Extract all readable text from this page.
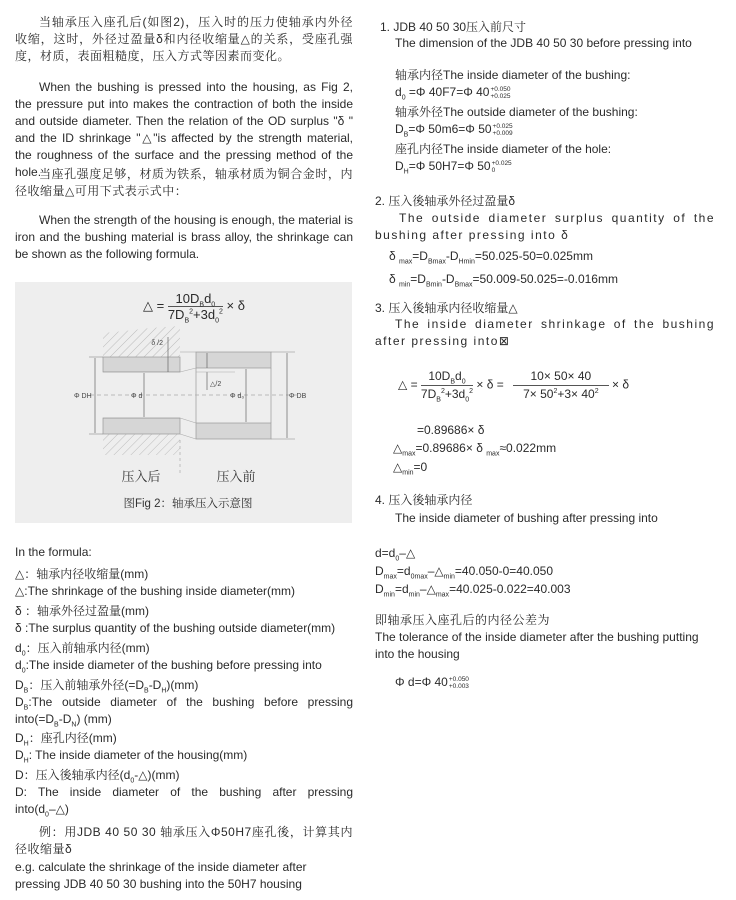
当轴承压入座孔后(如图2)，压入时的压力使轴承内外径收缩，这时，外径过盈量δ和内径收缩量△的关系，受座孔强度，材质，表面粗糙度，压入方式等因素而变化。
When the bushing is pressed into the housing, as Fig 2, the pressure put into makes the contraction of both the inside and outside diameter. Then the relation of the OD surplus "δ " and the ID shrinkage "△"is affected by the strength material, the roughness of the surface and the pressing method of the hole.
当座孔强度足够，材质为铁系，轴承材质为铜合金时，内径收缩量△可用下式表示式中：
When the strength of the housing is enough, the material is iron and the bushing material is brass alloy, the shrinkage can be shown as the following formula.
△ = $\frac{10D_Bd_0}{7D_B^2+3d_0^2} \times \delta$
δ /2
△/2
Φ DH	Φ d	Φ d₀	Φ DB
压入后	压入前
图Fig 2：轴承压入示意图
In the formula:
△：轴承内径收缩量(mm)
△:The shrinkage of the bushing inside diameter(mm)
δ ：轴承外径过盈量(mm)
δ :The surplus quantity of the bushing outside diameter(mm)
$d_0$：压入前轴承内径(mm)
$d_0:The$ inside diameter of the bushing before pressing into
$D_B$：压入前轴承外径$(=D_B-D_H)(mm)$
$D_B:The$ outside diameter of the bushing before pressing
$into(=D_B-D_N)$ (mm)
$D_H$：座孔内径(mm)
$D_H$: The inside diameter of the housing(mm)
D：压入後轴承内径$(d_0-\triangle)(mm)$
D: The inside diameter of the bushing after pressing
$into(d_0-\triangle)$
例：用JDB 40 50 30 轴承压入Φ50H7座孔後，计算其内径收缩量δ
e.g. calculate the shrinkage of the inside diameter after pressing JDB 40 50 30 bushing into the 50H7 housing
1. JDB 40 50 30压入前尺寸
The dimension of the JDB 40 50 30 before pressing into
轴承内径The inside diameter of the bushing:
$d_0 =\Phi$ 40F7=Φ 40 +0.050
+0.025
轴承外径The outside diameter of the bushing:
$D_B=\Phi$ 50m6=Φ 50 +0.025
+0.009
座孔内径The inside diameter of the hole:
$D_H=\Phi$ 50H7=Φ 50 +0.025
0
2. 压入後轴承外径过盈量δ
The outside diameter surplus quantity of the bushing after pressing into δ
δ $_{max}=D_{Bmax}-D_{Hmin}=50.025-50=0.025mm$
δ $_{min}=D_{Bmin}-D_{Bmax}=50.009-50.025=-0.016mm$
3. 压入後轴承内径收缩量△
The inside diameter shrinkage of the bushing after pressing into⊠
△ = $\frac{10D_Bd_0}{7D_B^2+3d_0^2} \times \delta = \frac{10\times 50\times 40}{7\times 50^2+3\times 40^2} \times \delta$
=0.89686× δ
$\triangle_{max}=0.89686\times \delta$ $_{max}$≈0.022mm
$\triangle_{min}=0$
4. 压入後轴承内径
The inside diameter of bushing after pressing into
$d=d_0-\triangle$
$D_{max}=d_{0max}-\triangle_{min}=40.050-0=40.050$
$D_{min}=d_{min}-\triangle_{max}=40.025-0.022=40.003$
即轴承压入座孔后的内径公差为
The tolerance of the inside diameter after the bushing putting into the housing
Φ d=Φ 40 +0.050
+0.003
